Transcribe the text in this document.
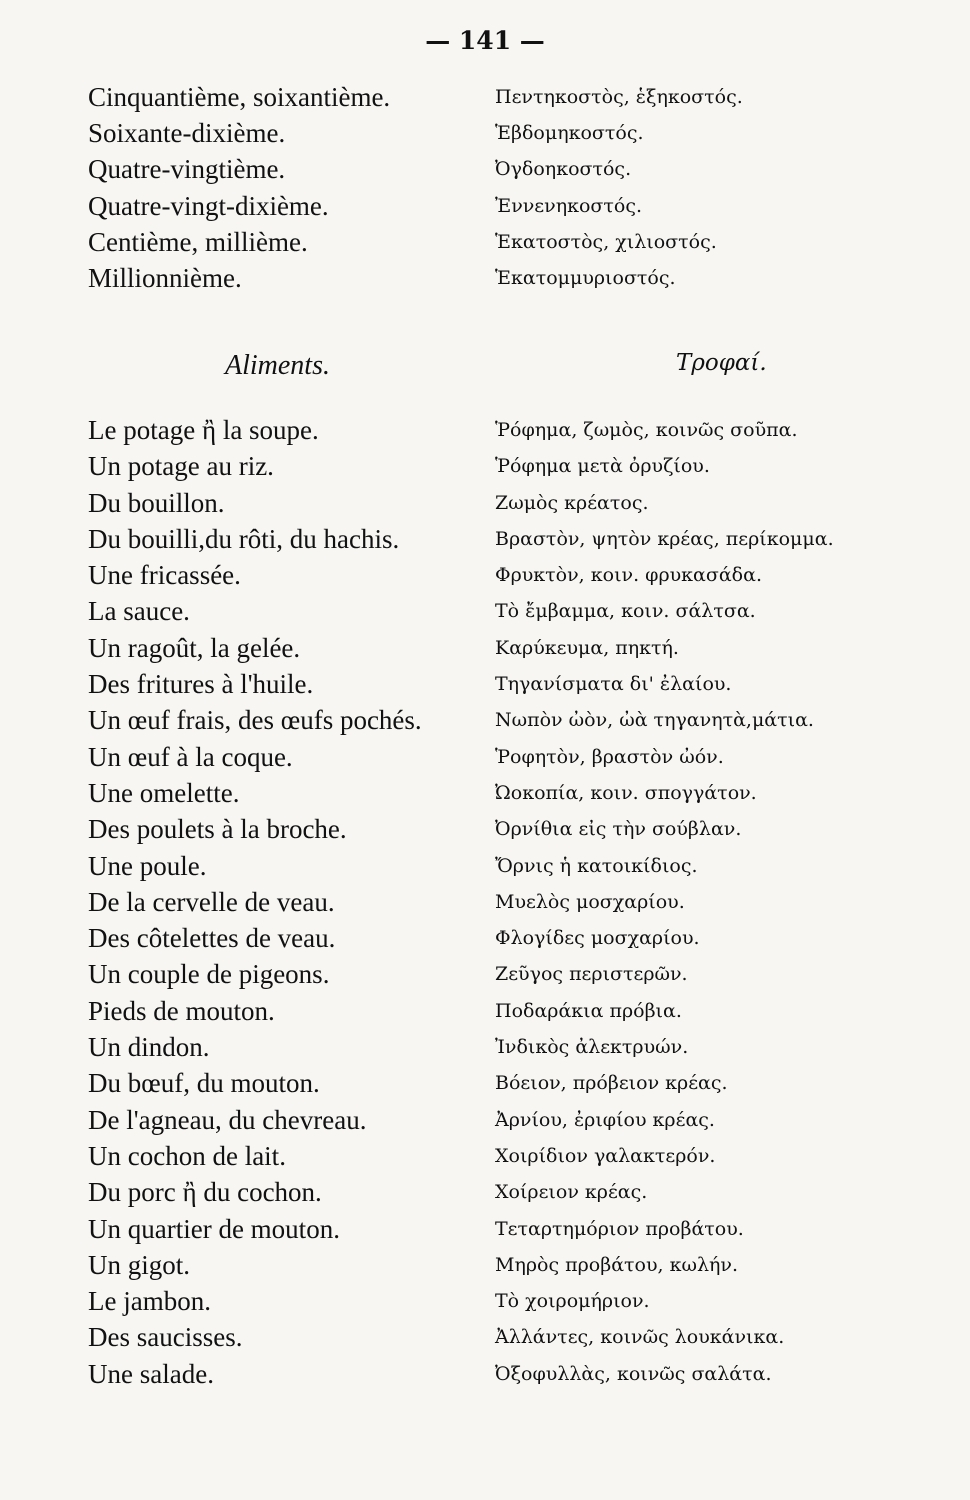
— 141 —
Cinquantième, soixantième.	Πεντηκοστὸς, ἑξηκοστός.
Soixante-dixième.	Ἑβδομηκοστός.
Quatre-vingtième.	Ὀγδοηκοστός.
Quatre-vingt-dixième.	Ἐννενηκοστός.
Centième, millième.	Ἑκατοστὸς, χιλιοστός.
Millionnième.	Ἑκατομμυριοστός.
Aliments.	Τροφαί.
Le potage ἢ la soupe.	Ῥόφημα, ζωμὸς, κοινῶς σοῦπα.
Un potage au riz.	Ῥόφημα μετὰ ὀρυζίου.
Du bouillon.	Ζωμὸς κρέατος.
Du bouilli,du rôti, du hachis.	Βραστὸν, ψητὸν κρέας, περίκομμα.
Une fricassée.	Φρυκτὸν, κοιν. φρυκασάδα.
La sauce.	Τὸ ἔμβαμμα, κοιν. σάλτσα.
Un ragoût, la gelée.	Καρύκευμα, πηκτή.
Des fritures à l'huile.	Τηγανίσματα δι' ἐλαίου.
Un œuf frais, des œufs pochés.	Νωπὸν ὠὸν, ὠὰ τηγανητὰ,μάτια.
Un œuf à la coque.	Ῥοφητὸν, βραστὸν ὠόν.
Une omelette.	Ὠοκοπία, κοιν. σπογγάτον.
Des poulets à la broche.	Ὀρνίθια εἰς τὴν σούβλαν.
Une poule.	Ὄρνις ἡ κατοικίδιος.
De la cervelle de veau.	Μυελὸς μοσχαρίου.
Des côtelettes de veau.	Φλογίδες μοσχαρίου.
Un couple de pigeons.	Ζεῦγος περιστερῶν.
Pieds de mouton.	Ποδαράκια πρόβια.
Un dindon.	Ἰνδικὸς ἀλεκτρυών.
Du bœuf, du mouton.	Βόειον, πρόβειον κρέας.
De l'agneau, du chevreau.	Ἀρνίου, ἐριφίου κρέας.
Un cochon de lait.	Χοιρίδιον γαλακτερόν.
Du porc ἢ du cochon.	Χοίρειον κρέας.
Un quartier de mouton.	Τεταρτημόριον προβάτου.
Un gigot.	Μηρὸς προβάτου, κωλήν.
Le jambon.	Τὸ χοιρομήριον.
Des saucisses.	Ἀλλάντες, κοινῶς λουκάνικα.
Une salade.	Ὀξοφυλλὰς, κοινῶς σαλάτα.
